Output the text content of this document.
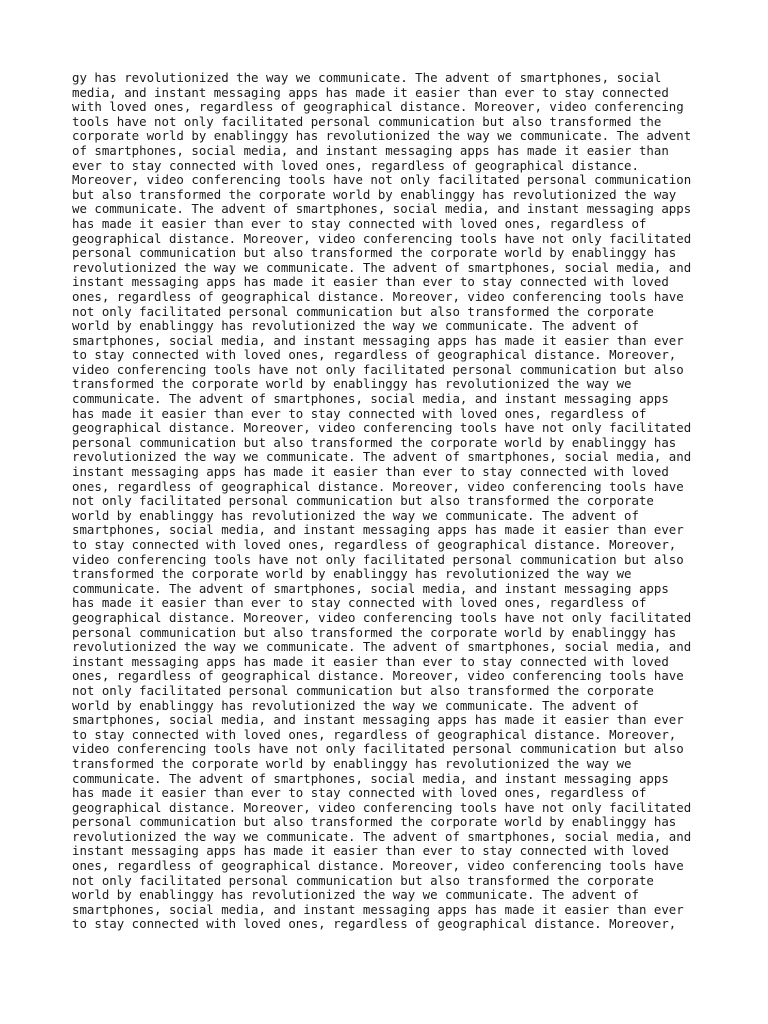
gy has revolutionized the way we communicate. The advent of smartphones, social
media, and instant messaging apps has made it easier than ever to stay connected
with loved ones, regardless of geographical distance. Moreover, video conferencing
tools have not only facilitated personal communication but also transformed the
corporate world by enablinggy has revolutionized the way we communicate. The advent
of smartphones, social media, and instant messaging apps has made it easier than
ever to stay connected with loved ones, regardless of geographical distance.
Moreover, video conferencing tools have not only facilitated personal communication
but also transformed the corporate world by enablinggy has revolutionized the way
we communicate. The advent of smartphones, social media, and instant messaging apps
has made it easier than ever to stay connected with loved ones, regardless of
geographical distance. Moreover, video conferencing tools have not only facilitated
personal communication but also transformed the corporate world by enablinggy has
revolutionized the way we communicate. The advent of smartphones, social media, and
instant messaging apps has made it easier than ever to stay connected with loved
ones, regardless of geographical distance. Moreover, video conferencing tools have
not only facilitated personal communication but also transformed the corporate
world by enablinggy has revolutionized the way we communicate. The advent of
smartphones, social media, and instant messaging apps has made it easier than ever
to stay connected with loved ones, regardless of geographical distance. Moreover,
video conferencing tools have not only facilitated personal communication but also
transformed the corporate world by enablinggy has revolutionized the way we
communicate. The advent of smartphones, social media, and instant messaging apps
has made it easier than ever to stay connected with loved ones, regardless of
geographical distance. Moreover, video conferencing tools have not only facilitated
personal communication but also transformed the corporate world by enablinggy has
revolutionized the way we communicate. The advent of smartphones, social media, and
instant messaging apps has made it easier than ever to stay connected with loved
ones, regardless of geographical distance. Moreover, video conferencing tools have
not only facilitated personal communication but also transformed the corporate
world by enablinggy has revolutionized the way we communicate. The advent of
smartphones, social media, and instant messaging apps has made it easier than ever
to stay connected with loved ones, regardless of geographical distance. Moreover,
video conferencing tools have not only facilitated personal communication but also
transformed the corporate world by enablinggy has revolutionized the way we
communicate. The advent of smartphones, social media, and instant messaging apps
has made it easier than ever to stay connected with loved ones, regardless of
geographical distance. Moreover, video conferencing tools have not only facilitated
personal communication but also transformed the corporate world by enablinggy has
revolutionized the way we communicate. The advent of smartphones, social media, and
instant messaging apps has made it easier than ever to stay connected with loved
ones, regardless of geographical distance. Moreover, video conferencing tools have
not only facilitated personal communication but also transformed the corporate
world by enablinggy has revolutionized the way we communicate. The advent of
smartphones, social media, and instant messaging apps has made it easier than ever
to stay connected with loved ones, regardless of geographical distance. Moreover,
video conferencing tools have not only facilitated personal communication but also
transformed the corporate world by enablinggy has revolutionized the way we
communicate. The advent of smartphones, social media, and instant messaging apps
has made it easier than ever to stay connected with loved ones, regardless of
geographical distance. Moreover, video conferencing tools have not only facilitated
personal communication but also transformed the corporate world by enablinggy has
revolutionized the way we communicate. The advent of smartphones, social media, and
instant messaging apps has made it easier than ever to stay connected with loved
ones, regardless of geographical distance. Moreover, video conferencing tools have
not only facilitated personal communication but also transformed the corporate
world by enablinggy has revolutionized the way we communicate. The advent of
smartphones, social media, and instant messaging apps has made it easier than ever
to stay connected with loved ones, regardless of geographical distance. Moreover,
